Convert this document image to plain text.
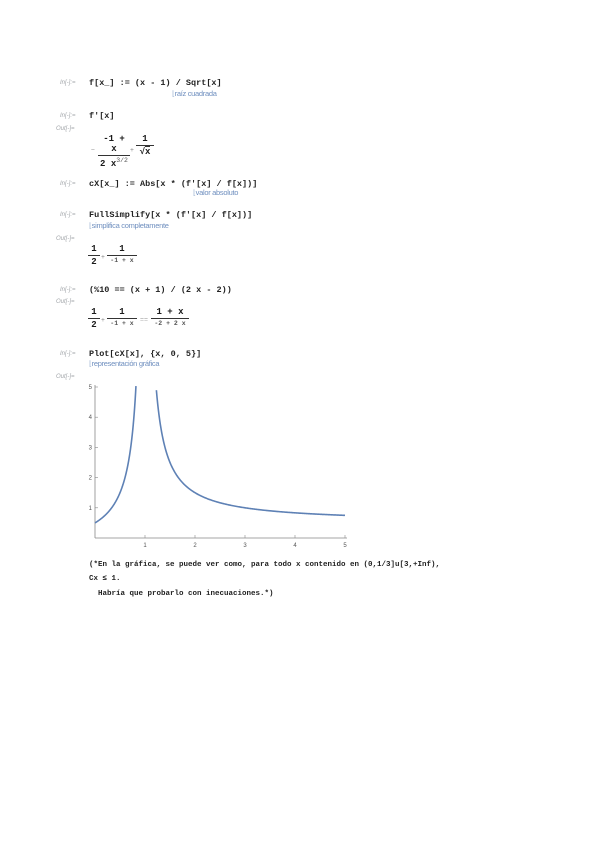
In[-]:= f[x_] := (x - 1) / Sqrt[x]
⌊raíz cuadrada
In[-]:= f'[x]
Out[-]=
−
-1 + x
2 $x^{3/2}$
+
1
√x
In[-]:= cX[x_] := Abs[x * (f'[x] / f[x])]
⌊valor absoluto
In[-]:= FullSimplify[x * (f'[x] / f[x])]
⌊simplifica completamente
Out[-]=
1
2 +
1
-1 + x
In[-]:= (%10 == (x + 1) / (2 x - 2))
Out[-]=
1
2 +
1
-1 + x ==
1 + x
-2 + 2 x
In[-]:= Plot[cX[x], {x, 0, 5}]
⌊representación gráfica
Out[-]=
1	2	3	4	5
1
2
3
4
5
(*En la gráfica, se puede ver como, para todo x contenido en (0,1/3]u[3,+Inf),
Cx ≤ 1.
Habría que probarlo con inecuaciones.*)
